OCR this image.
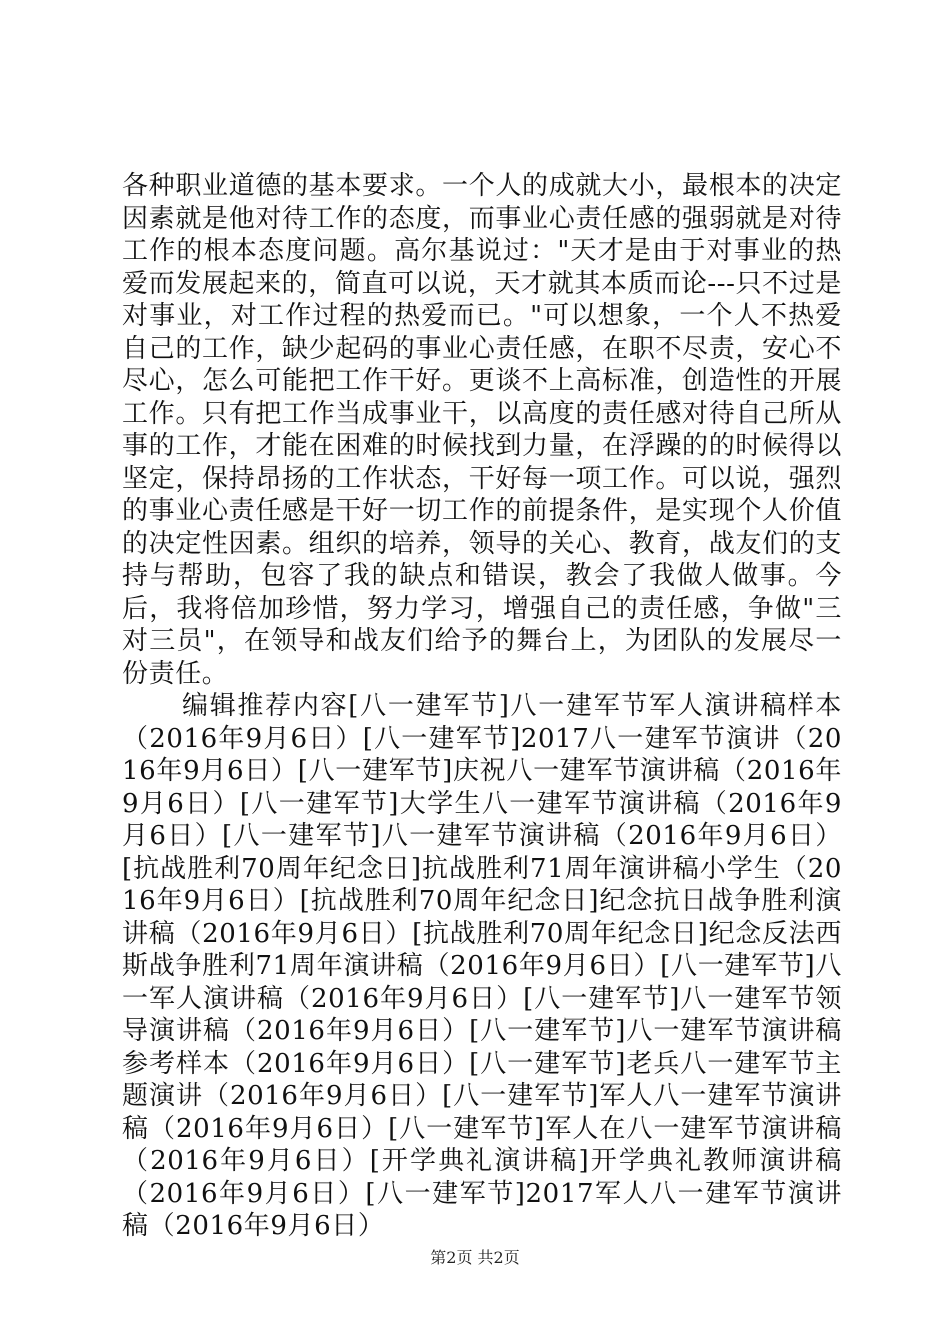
各种职业道德的基本要求。一个人的成就大小，最根本的决定因素就是他对待工作的态度，而事业心责任感的强弱就是对待工作的根本态度问题。高尔基说过："天才是由于对事业的热爱而发展起来的，简直可以说，天才就其本质而论---只不过是对事业，对工作过程的热爱而已。"可以想象，一个人不热爱自己的工作，缺少起码的事业心责任感，在职不尽责，安心不尽心，怎么可能把工作干好。更谈不上高标准，创造性的开展工作。只有把工作当成事业干，以高度的责任感对待自己所从事的工作，才能在困难的时候找到力量，在浮躁的的时候得以坚定，保持昂扬的工作状态，干好每一项工作。可以说，强烈的事业心责任感是干好一切工作的前提条件，是实现个人价值的决定性因素。组织的培养，领导的关心、教育，战友们的支持与帮助，包容了我的缺点和错误，教会了我做人做事。今后，我将倍加珍惜，努力学习，增强自己的责任感，争做"三对三员"，在领导和战友们给予的舞台上，为团队的发展尽一份责任。

编辑推荐内容[八一建军节]八一建军节军人演讲稿样本（2016年9月6日）[八一建军节]2017八一建军节演讲（2016年9月6日）[八一建军节]庆祝八一建军节演讲稿（2016年9月6日）[八一建军节]大学生八一建军节演讲稿（2016年9月6日）[八一建军节]八一建军节演讲稿（2016年9月6日）[抗战胜利70周年纪念日]抗战胜利71周年演讲稿小学生（2016年9月6日）[抗战胜利70周年纪念日]纪念抗日战争胜利演讲稿（2016年9月6日）[抗战胜利70周年纪念日]纪念反法西斯战争胜利71周年演讲稿（2016年9月6日）[八一建军节]八一军人演讲稿（2016年9月6日）[八一建军节]八一建军节领导演讲稿（2016年9月6日）[八一建军节]八一建军节演讲稿参考样本（2016年9月6日）[八一建军节]老兵八一建军节主题演讲（2016年9月6日）[八一建军节]军人八一建军节演讲稿（2016年9月6日）[八一建军节]军人在八一建军节演讲稿（2016年9月6日）[开学典礼演讲稿]开学典礼教师演讲稿（2016年9月6日）[八一建军节]2017军人八一建军节演讲稿（2016年9月6日）

第2页 共2页
